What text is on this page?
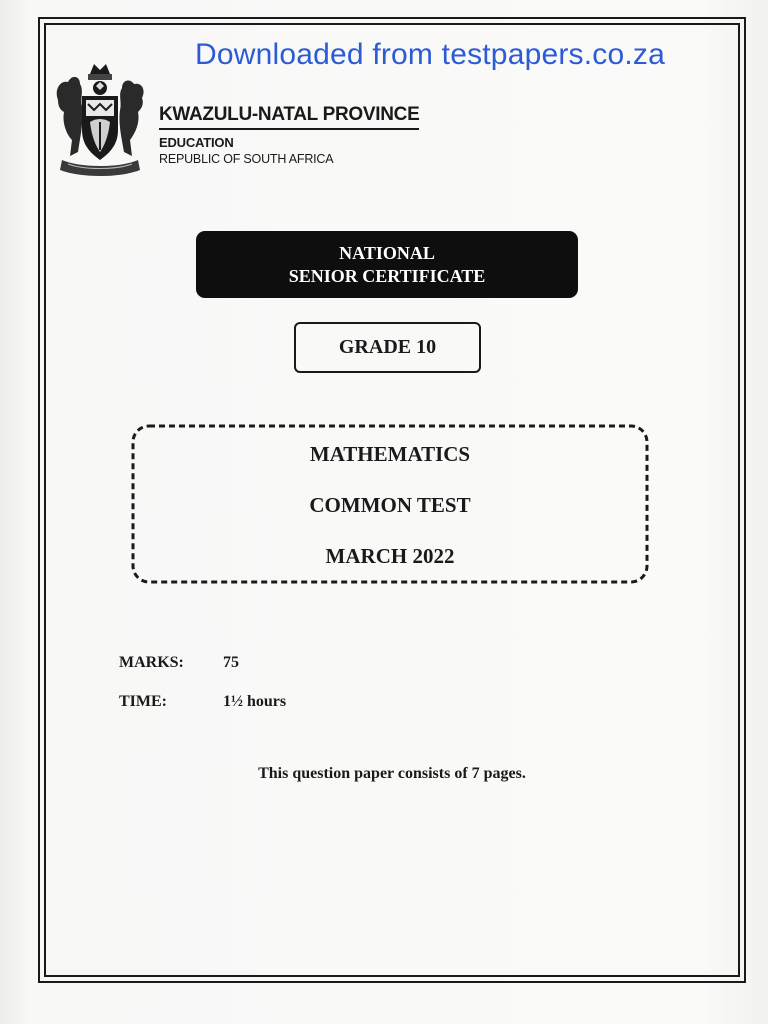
Downloaded from testpapers.co.za
KWAZULU-NATAL PROVINCE
EDUCATION
REPUBLIC OF SOUTH AFRICA
NATIONAL
SENIOR CERTIFICATE
GRADE 10
MATHEMATICS
COMMON TEST
MARCH 2022
MARKS: 75
TIME:	1½ hours
This question paper consists of 7 pages.
